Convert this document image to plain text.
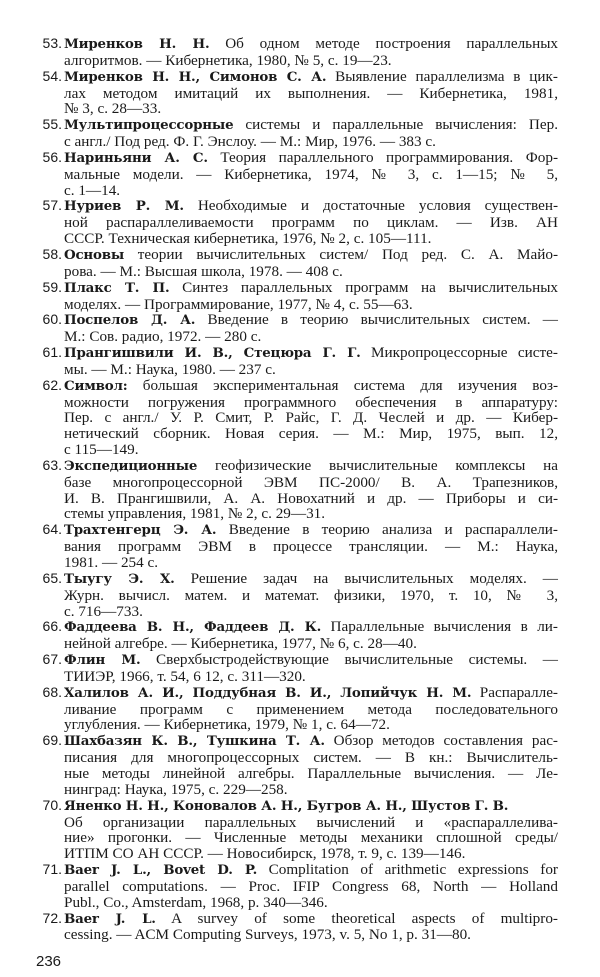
53. Миренков Н. Н. Об одном методе построения параллельных
алгоритмов. — Кибернетика, 1980, № 5, с. 19—23.
54. Миренков Н. Н., Симонов С. А. Выявление параллелизма в цик-
лах методом имитаций их выполнения. — Кибернетика, 1981,
№ 3, с. 28—33.
55. Мультипроцессорные системы и параллельные вычисления: Пер.
с англ./ Под ред. Ф. Г. Энслоу. — М.: Мир, 1976. — 383 с.
56. Нариньяни А. С. Теория параллельного программирования. Фор-
мальные модели. — Кибернетика, 1974, № 3, с. 1—15; № 5,
с. 1—14.
57. Нуриев Р. М. Необходимые и достаточные условия существен-
ной распараллеливаемости программ по циклам. — Изв. АН
СССР. Техническая кибернетика, 1976, № 2, с. 105—111.
58. Основы теории вычислительных систем/ Под ред. С. А. Майо-
рова. — М.: Высшая школа, 1978. — 408 с.
59. Плакс Т. П. Синтез параллельных программ на вычислительных
моделях. — Программирование, 1977, № 4, с. 55—63.
60. Поспелов Д. А. Введение в теорию вычислительных систем. —
М.: Сов. радио, 1972. — 280 с.
61. Прангишвили И. В., Стецюра Г. Г. Микропроцессорные систе-
мы. — М.: Наука, 1980. — 237 с.
62. Символ: большая экспериментальная система для изучения воз-
можности погружения программного обеспечения в аппаратуру:
Пер. с англ./ У. Р. Смит, Р. Райс, Г. Д. Чеслей и др. — Кибер-
нетический сборник. Новая серия. — М.: Мир, 1975, вып. 12,
с 115—149.
63. Экспедиционные геофизические вычислительные комплексы на
базе многопроцессорной ЭВМ ПС-2000/ В. А. Трапезников,
И. В. Прангишвили, А. А. Новохатний и др. — Приборы и си-
стемы управления, 1981, № 2, с. 29—31.
64. Трахтенгерц Э. А. Введение в теорию анализа и распараллели-
вания программ ЭВМ в процессе трансляции. — М.: Наука,
1981. — 254 с.
65. Тыугу Э. Х. Решение задач на вычислительных моделях. —
Журн. вычисл. матем. и математ. физики, 1970, т. 10, № 3,
с. 716—733.
66. Фаддеева В. Н., Фаддеев Д. К. Параллельные вычисления в ли-
нейной алгебре. — Кибернетика, 1977, № 6, с. 28—40.
67. Флин М. Сверхбыстродействующие вычислительные системы. —
ТИИЭР, 1966, т. 54, 6 12, с. 311—320.
68. Халилов А. И., Поддубная В. И., Лопийчук Н. М. Распаралле-
ливание программ с применением метода последовательного
углубления. — Кибернетика, 1979, № 1, с. 64—72.
69. Шахбазян К. В., Тушкина Т. А. Обзор методов составления рас-
писания для многопроцессорных систем. — В кн.: Вычислитель-
ные методы линейной алгебры. Параллельные вычисления. — Ле-
нинград: Наука, 1975, с. 229—258.
70. Яненко Н. Н., Коновалов А. Н., Бугров А. Н., Шустов Г. В.
Об организации параллельных вычислений и «распараллелива-
ние» прогонки. — Численные методы механики сплошной среды/
ИТПМ СО АН СССР. — Новосибирск, 1978, т. 9, с. 139—146.
71. Baer J. L., Bovet D. P. Complitation of arithmetic expressions for
parallel computations. — Proc. IFIP Congress 68, North — Holland
Publ., Co., Amsterdam, 1968, p. 340—346.
72. Baer J. L. A survey of some theoretical aspects of multipro-
cessing. — ACM Computing Surveys, 1973, v. 5, No 1, p. 31—80.
236
